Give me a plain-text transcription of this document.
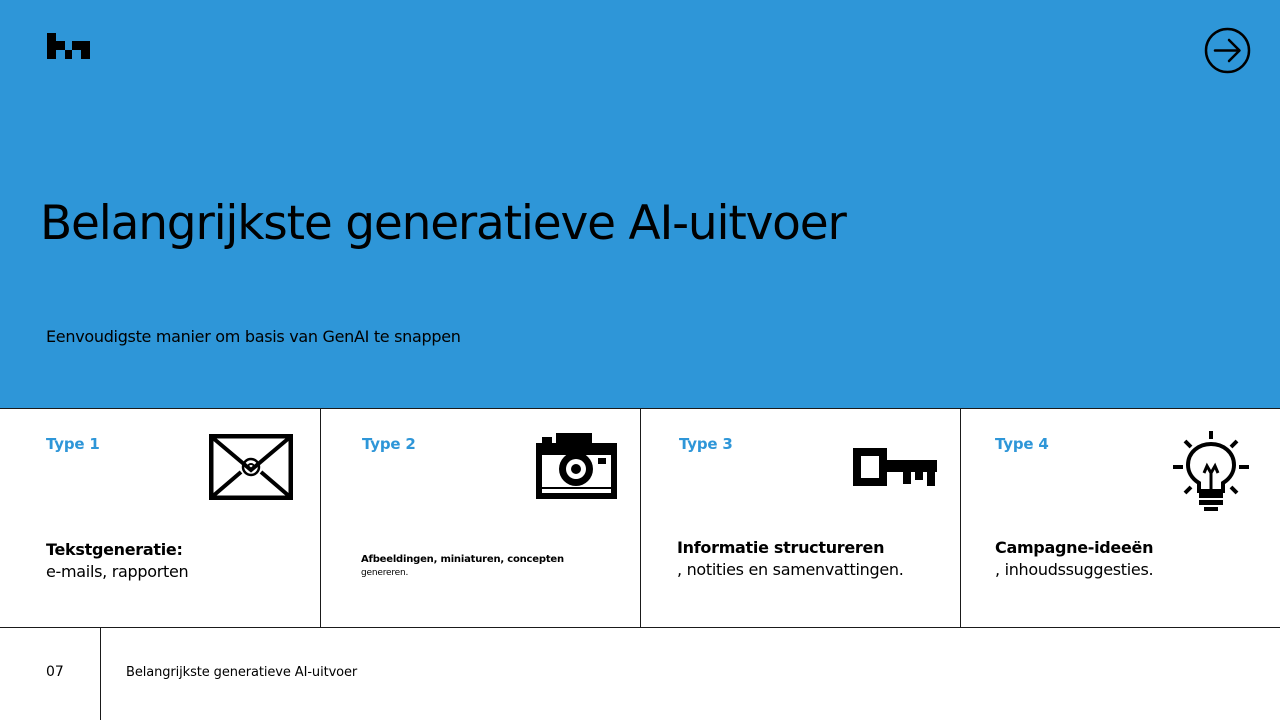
Belangrijkste generatieve AI-uitvoer

Eenvoudigste manier om basis van GenAI te snappen

Type 1
Tekstgeneratie:
e-mails, rapporten
Type 2
Afbeeldingen, miniaturen, concepten
genereren.
Type 3
Informatie structureren
, notities en samenvattingen.
Type 4
Campagne-ideeën
, inhoudssuggesties.
07	Belangrijkste generatieve AI-uitvoer
